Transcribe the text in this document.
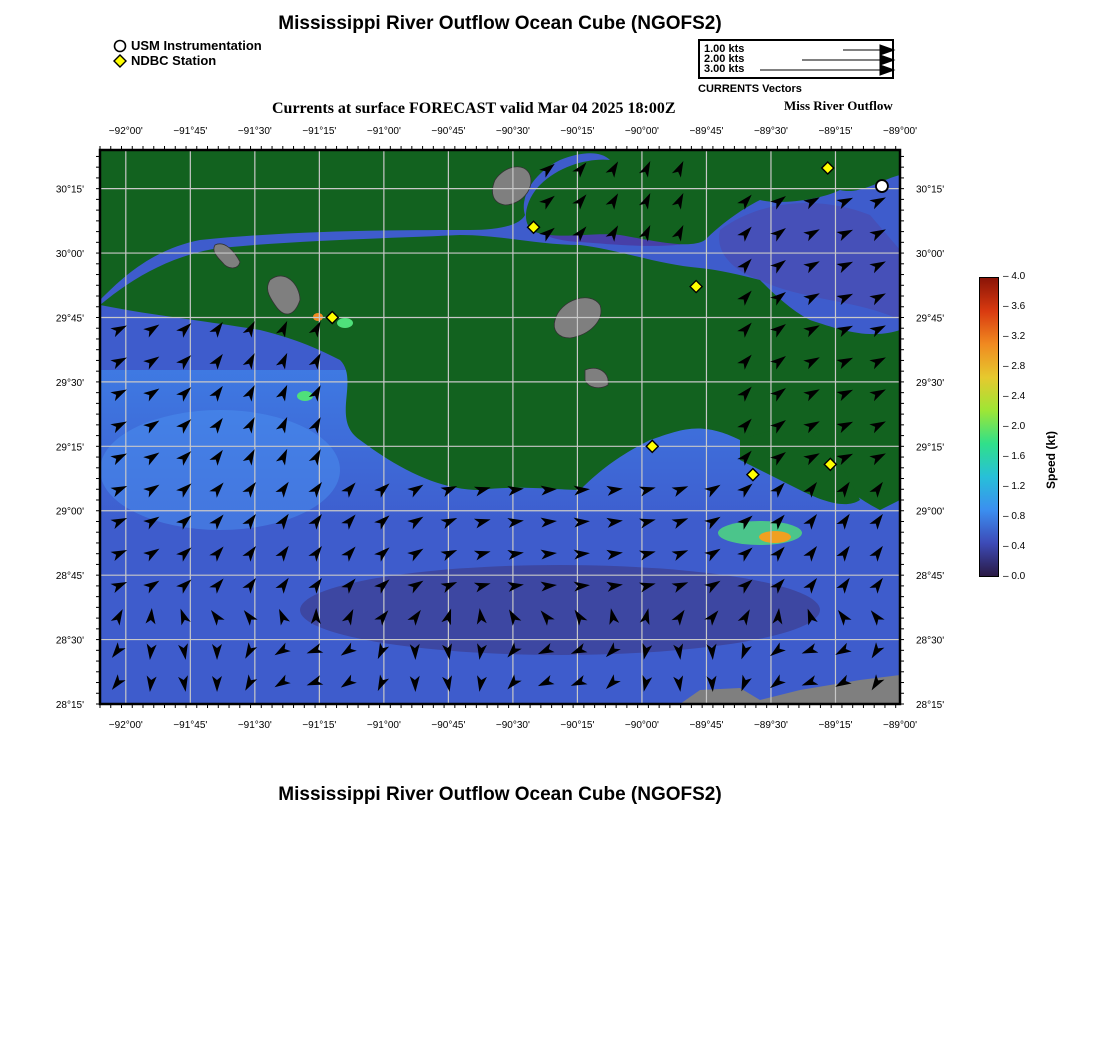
Mississippi River Outflow Ocean Cube (NGOFS2)
USM Instrumentation
NDBC Station
1.00 kts
2.00 kts
3.00 kts
CURRENTS Vectors
Currents at surface FORECAST valid Mar 04 2025 18:00Z	Miss River Outflow
−92°00'
−92°00'
−91°45'
−91°45'
−91°30'
−91°30'
−91°15'
−91°15'
−91°00'
−91°00'
−90°45'
−90°45'
−90°30'
−90°30'
−90°15'
−90°15'
−90°00'
−90°00'
−89°45'
−89°45'
−89°30'
−89°30'
−89°15'
−89°15'
−89°00'
−89°00'
30°15'	30°15'
30°00'	30°00'
29°45'	29°45'
29°30'	29°30'
29°15'	29°15'
29°00'	29°00'
28°45'	28°45'
28°30'	28°30'
28°15'	28°15'
– 4.0
– 3.6
– 3.2
– 2.8
– 2.4
– 2.0
– 1.6
– 1.2
– 0.8
– 0.4
– 0.0
Speed (kt)
Mississippi River Outflow Ocean Cube (NGOFS2)
